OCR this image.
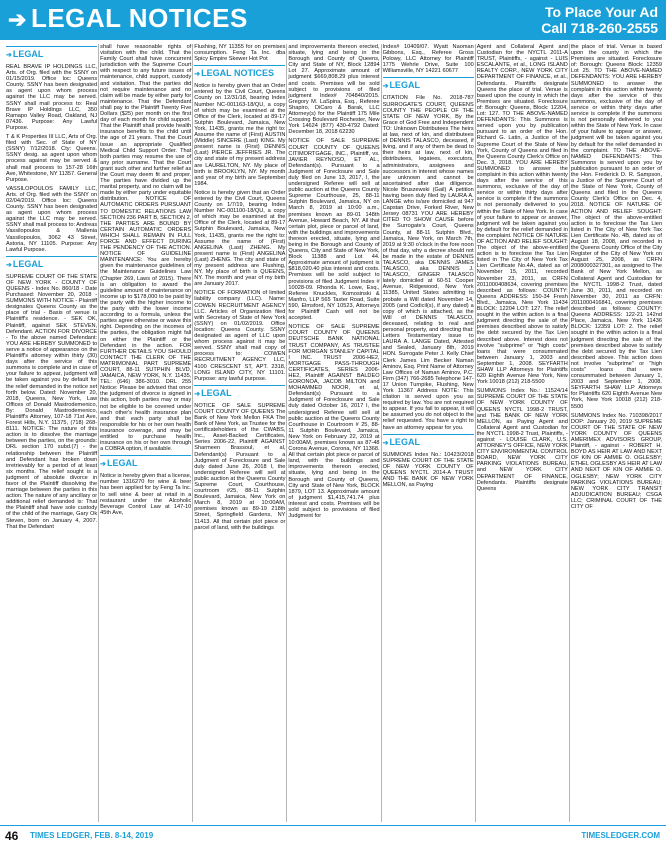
➔ LEGAL NOTICES	To Place Your Ad
Call 718-260-2555
➔LEGAL
REAL BRAVE IP HOLDINGS LLC, Arts. of Org. filed with the SSNY on 01/15/2019. Office loc: Queens County. SSNY has been designated as agent upon whom process against the LLC may be served. SSNY shall mail process to: Real Brave IP Holdings LLC, 350 Ramapo Valley Road, Oakland, NJ 07436. Purpose: Any Lawful Purpose.
T & K Properties III LLC, Arts of Org. filed with Sec. of State of NY (SSNY) 7/12/2018. Cty: Queens. SSNY desig. as agent upon whom process against may be served & shall mail process to 157-28 16th Ave, Whitestone, NY 11357. General Purpose.
VASSILOPOULOS FAMILY LLC, Arts. of Org. filed with the SSNY on 02/04/2019. Office loc: Queens County. SSNY has been designated as agent upon whom process against the LLC may be served. SSNY shall mail process to: Andreas Vassilopoulos & Mallenia Vassilopoulos, 3062 43 Street, Astoria, NY 11105. Purpose: Any Lawful Purpose.
➔LEGAL
SUPREME COURT OF THE STATE OF NEW YORK - COUNTY OF QUEENS - Index No. 860/18 - Date Purchased: November 20, 2018 - SUMMONS WITH NOTICE - Plaintiff designates Queens County as the place of trial - Basis of venue is Plaintiff's residence. - SEK OK, Plaintiff, against SEK STEVEN, Defendant. ACTION FOR DIVORCE - To the above named Defendant: YOU ARE HEREBY SUMMONED to serve a notice of appearance on the Plaintiff's attorney within thirty (30) days after the service of this summons is complete and in case of your failure to appear, judgment will be taken against you by default for the relief demanded in the notice set forth below. Dated: November 20, 2018, Queens, New York, Law Offices of Donald Mastrodemenico, By: Donald Mastrodemenico, Plaintiff's Attorney, 107-18 71st Ave, Forest Hills, N.Y. 11375, (718) 268-8111. NOTICE: The nature of this action is to dissolve the marriage between the parties, on the grounds: DRL section 170 subd.(7) - the relationship between the Plaintiff and Defendant has broken down irretrievably for a period of at least six months. The relief sought is a judgment of absolute divorce in favor of the Plaintiff dissolving the marriage between the parties in this action. The nature of any ancillary or additional relief demanded is: That the Plaintiff shall have sole custody of the child of the marriage, Gary Ok Steven, born on January 4, 2007. That the Defendant
shall have reasonable rights of visitation with the child. That the Family Court shall have concurrent jurisdiction with the Supreme Court with respect to any future issues of maintenance, child support, custody and visitation. That the parties did not require maintenance and no claim will be made by either party for maintenance. That the Defendant shall pay to the Plaintiff Twenty Five Dollars ($25) per month on the first day of each month for child support. That the Plaintiff shall provide health insurance benefits to the child until the age of 21 years. That the Court issue an appropriate Qualified Medical Child Support Order. That both parties may resume the use of any prior surname. That the Court grant such other and further relief as the Court may deem fit and proper. The parties have divided up the marital property, and no claim will be made by either party under equitable distribution. NOTICE OF AUTOMATIC ORDERS PURSUANT TO DOMESTIC RELATIONS LAW SECTION 236 PART B, SECTION 2, THE PARTIES ARE BOUND BY CERTAIN AUTOMATIC ORDERS WHICH SHALL REMAIN IN FULL FORCE AND EFFECT DURING THE PENDENCY OF THE ACTION. NOTICE OF GUIDELINE MAINTENANCE: You are hereby given the maintenance guidelines of the Maintenance Guidelines Law (Chapter 269, Laws of 2015). There is an obligation to award the guideline amount of maintenance on income up to $178,000 to be paid by the party with the higher income to the party with the lower income according to a formula, unless the parties agree otherwise or waive this right. Depending on the incomes of the parties, the obligation might fall on either the Plaintiff or the Defendant in the action. FOR FURTHER DETAILS YOU SHOULD CONTACT THE CLERK OF THE MATRIMONIAL PART SUPREME COURT, 88-11 SUTPHIN BLVD, JAMAICA, NEW YORK, N.Y. 11435, TEL: (646) 386-3010. DRL 255 Notice: Please be advised that once the judgment of divorce is signed in this action, both parties may or may not be eligible to be covered under each other's health insurance plan and that each party shall be responsible for his or her own health insurance coverage, and may be entitled to purchase health insurance on his or her own through a COBRA option, if available.
➔LEGAL
Notice is hereby given that a license, number 1316270 for wine & beer has been applied for by Feng Ta Inc. to sell wine & beer at retail in a restaurant under the Alcoholic Beverage Control Law at 147-10 45th Ave,
Flushing, NY 11355 for on premises consumption. Feng Ta Inc. dba Spicy Empire Skewer Hot Pot
➔LEGAL NOTICES
Notice is hereby given that an Order entered by the Civil Court, Queens County on 12/31/18, bearing Index Number NC-001163-18/QU, a copy of which may be examined at the Office of the Clerk, located at 89-17 Sutphin Boulevard, Jamaica, New York, 11435, grants me the right to: Assume the name of (First) AUSTIN (Middle) SINCERE (Last) KING. My present name is (First) DENNIS (Last) PIERCE JEFFRIES JR. The city and state of my present address are LAURELTON, NY. My place of birth is BROOKLYN, NY. My month and year of my birth are September 1984.
Notice is hereby given that an Order entered by the Civil Court, Queens County on 1/7/19, bearing Index Number NC-001100-18/QU, a copy of which may be examined at the Office of the Clerk, located at 89-17 Sutphin Boulevard, Jamaica, New York, 11435, grants me the right to: Assume the name of (First) ANGELINA (Last) ZHENG. My present name is (First) ANGELINA (Last) ZHENG. The city and state of my present address are Flushing, NY. My place of birth is QUEENS, NY. The month and year of my birth are January 2017.
NOTICE OF FORMATION of limited liability company (LLC). Name: COWEN RECRUITMENT AGENCY LLC. Articles of Organization filed with Secretary of State of New York (SSNY) on 01/02/2019. Office location: Queens County. SSNY designated as agent of LLC upon whom process against it may be served. SSNY shall mail copy of process to: COWEN RECRUITMENT AGENCY LLC, 4100 CRESCENT ST, APT. 2318, LONG ISLAND CITY, NY 11101. Purpose: any lawful purpose.
➔LEGAL
NOTICE OF SALE SUPREME COURT COUNTY OF QUEENS The Bank of New York Mellon FKA The Bank of New York, as Trustee for the certificateholders of the CWABS, Inc., Asset-Backed Certificates, Series 2006-22, Plaintiff AGAINST Sharmeen Brassoul, et al, Defendant(s) Pursuant to a Judgment of Foreclosure and Sale duly dated June 26, 2018 I, the undersigned Referee will sell at public auction at the Queens County Supreme Court, Courthouse, courtroom #25, 88-11 Sutphin Boulevard, Jamaica, New York on March 8, 2019 at 10:00AM, premises known as 89-19 218th Street, Springfield Gardens, NY 11413. All that certain plot piece or parcel of land, with the buildings
and improvements thereon erected, situate, lying and being in the Borough and County of Queens, City and State of NY, Block 12894 Lot 27. Approximate amount of judgment $669,808.29 plus interest and costs. Premises will be sold subject to provisions of filed judgment Index# 704840/2015. Gregory M. LaSpina, Esq., Referee Shapiro, DiCaro & Barak, LLC Attorney(s) for the Plaintiff 175 Mile Crossing Boulevard Rochester, New York 14624 (877) 430-4792 Dated: December 18, 2018 62230
NOTICE OF SALE SUPREME COURT COUNTY OF QUEENS CITIMORTGAGE, INC., Plaintiff, vs. JAVIER REYNOSO, ET AL., Defendant(s). Pursuant to a Judgment of Foreclosure and Sale duly filed on June 13, 2017, I, the undersigned Referee will sell at public auction at the Queens County Supreme Courthouse, 25, 88-11 Sutphin Boulevard, Jamaica, NY on March 8, 2019 at 10:00 a.m., premises known as 89-01 148th Avenue, Howard Beach, NY. All that certain plot, piece or parcel of land, with the buildings and improvements thereon erected, situate, lying and being in the Borough and County of Queens, City and State of New York, Block 11388 and Lot 44. Approximate amount of judgment is $818,020.40 plus interest and costs. Premises will be sold subject to provisions of filed Judgment Index # 10028-09. Rhonda K. Lowe, Esq., Referee Knuckles, Komosinski & Manfro, LLP 565 Taxter Road, Suite 590, Elmsford, NY 10523, Attorneys for Plaintiff Cash will not be accepted.
NOTICE OF SALE SUPREME COURT COUNTY OF QUEENS DEUTSCHE BANK NATIONAL TRUST COMPANY, AS TRUSTEE FOR MORGAN STANLEY CAPITAL I INC. TRUST 2006-HE2, MORTGAGE PASS-THROUGH CERTIFICATES, SERIES 2006-HE2, Plaintiff AGAINST BALDEO GORONOA, JACOB MILTON and MOHAMMED NOOR, et al, Defendant(s) Pursuant to a Judgment of Foreclosure and Sale duly dated October 16, 2017 I, the undersigned Referee will sell at public auction at the Queens County Courthouse in Courtroom # 25, 88-11 Sutphin Boulevard, Jamaica, New York on February 22, 2019 at 10:00AM, premises known as 87-48 Corona Avenue, Corona, NY 11368. All that certain plot piece or parcel of land, with the buildings and improvements thereon erected, situate, lying and being in the Borough and County of Queens, City and State of New York, BLOCK 1879, LOT 13. Approximate amount of judgment $1,415,741.74 plus interest and costs. Premises will be sold subject to provisions of filed Judgment for
Index# 10409/07. Wyatt Naoman Gibbons, Esq., Referee Gross Polowy, LLC Attorney for Plaintiff 1775 Wehrle Drive, Suite 100 Williamsville, NY 14221 60677
➔LEGAL
CITATION File No. 2018-787 SURROGATE'S COURT, QUEENS COUNTY THE PEOPLE OF THE STATE OF NEW YORK, By the Grace of God Free and Independent TO: Unknown Distributees The heirs at law, next of kin, and distributees of DENNIS TALASCO, deceased, if living, and if any of them be dead to their heirs at law, next of kin, distributees, legatees, executors, administrators, assignees and successors in interest whose names are unknown and cannot be ascertained after due diligence. Nicole Bruszewski (Gail) A petition having been duly filed by LAURA A. LANGE who is/are domiciled at 947 Capstan Drive, Forked River, New Jersey 08731 YOU ARE HEREBY CITED TO SHOW CAUSE before the Surrogate's Court, Queens County, at 88-11 Sutphin Blvd., Jamaica, New York, on March 7th, 2019 at 9:30 o'clock in the fore noon of that day, why a decree should not be made in the estate of DENNIS TALASCO, aka DENNIS JAMES TALASCO, aka DENNIS J. TALASCO, GINGER TALASCO lately domiciled at 60-51 Cooper Avenue, Ridgewood, New York 11385, United States admitting to probate a Will dated November 14, 2005 (and Codicil(s), if any dated) a copy of which is attached, as the Will of DENNIS TALASCO, deceased, relating to real and personal property, and directing that: Letters Testamentary issue to LAURA A. LANGE Dated, Attested and Sealed, January 8th, 2019 HON. Surrogate Peter J. Kelly Chief Clerk James Lim Becker Naman Aminov, Esq. Print Name of Attorney Law Offices of Naman Aminov, P.C. Firm (347) 766-2685 Telephone 147-17 Union Turnpike, Flushing, New York 11367 Address NOTE: This citation is served upon you as required by law. You are not required to appear. If you fail to appear, it will be assumed you do not object to the relief requested. You have a right to have an attorney appear for you.
➔LEGAL
SUMMONS Index No.: 10423/2018 SUPREME COURT OF THE STATE OF NEW YORK COUNTY OF QUEENS NYCTL 2014-A TRUST AND THE BANK OF NEW YORK MELLON, as Paying
Agent and Collateral Agent and Custodian for the NYCTL 2011-A TRUST, Plaintiffs, - against - LUIS ESCALANTE, et al., LONG ISLAND REALTY CORP., NEW YORK CITY DEPARTMENT OF FINANCE, et al., Defendants. Plaintiffs designate Queens the place of trial. Venue is based upon the county in which the Premises are situated. Foreclosure of: Borough: Queens, Block: 12204, Lot: 127. TO THE ABOVE-NAMED DEFENDANTS: This Summons is served upon you by publication pursuant to an order of the Hon. Richard G. Latin, a Justice of the Supreme Court of the State of New York, County of Queens and filed in the Queens County Clerk's Office on Dec. 3, 2018. YOU ARE HEREBY SUMMONED to answer the complaint in this action within twenty days after the service of this summons, exclusive of the day of service or within thirty days after service is complete if the summons is not personally delivered to you within the State of New York. In case of your failure to appear or answer, judgment will be taken against you by default for the relief demanded in the complaint. NOTICE OF NATURE OF ACTION AND RELIEF SOUGHT: The object of the above-entitled action is to foreclose the Tax Lien listed in The City of New York Tax Lien Certificate No.4A, dated as of November 15, 2011, recorded November 23, 2011, as CRFN 2011000408634, covering premises described as follows: COUNTY: Queens ADDRESS: 150-34 Fresh Blvd., Jamaica, New York 11434 BLOCK: 12204 LOT: 127. The relief sought in the within action is a final judgment directing the sale of the premises described above to satisfy the debt secured by the Tax Lien described above. Interest does not involve "subprime" or "high costs" loans that were consummated between January 1, 2003 and September 1, 2008. SEYFARTH SHAW LLP Attorneys for Plaintiffs 620 Eighth Avenue New York, New York 10018 (212) 218-5500
SUMMONS Index No.: 11524/14 SUPREME COURT OF THE STATE OF NEW YORK COUNTY OF QUEENS NYCTL 1998-2 TRUST, and THE BANK OF NEW YORK MELLON, as Paying Agent and Collateral Agent and Custodian for the NYCTL 1998-2 Trust, Plaintiffs, - against - LOUISE CLARK, U.S. ATTORNEY'S OFFICE, NEW YORK CITY ENVIRONMENTAL CONTROL BOARD, NEW YORK CITY PARKING VIOLATIONS BUREAU, and NEW YORK CITY DEPARTMENT OF FINANCE, Defendants. Plaintiffs designate Queens
the place of trial. Venue is based upon the county in which the Premises are situated. Foreclosure of: Borough: Queens Block: 12359 Lot 25. TO THE ABOVE-NAMED DEFENDANTS: YOU ARE HEREBY SUMMONED to answer the complaint in this action within twenty days after the service of this summons, exclusive of the day of service or within thirty days after service is complete if the summons is not personally delivered to you within the State of New York. In case of your failure to appear or answer, judgment will be taken against you by default for the relief demanded in the complaint. TO THE ABOVE-NAMED DEFENDANTS: This Summons is served upon you by publication pursuant to an order of the Hon. Frederick D. R. Sampson, a Justice of the Supreme Court of the State of New York, County of Queens and filed in the Queens County Clerk's Office on Dec. 4, 2018. NOTICE OF NATURE OF ACTION AND RELIEF SOUGHT: The object of the above-entitled action is to foreclose the Tax Lien listed in The City of New York Tax Lien Certificate No. 4B, dated as of August 18, 2008, and recorded in the Queens County Office of the City Register of the City of New York on August 25, 2008, as CRFN 2008000327301, as assigned to The Bank of New York Mellon, as Collateral Agent and Custodian for the NYCTL 1998-2 Trust, dated June 30, 2011, and recorded on November 30, 2011 as CRFN: 2011000416841, covering premises described as follows: COUNTY: Queens ADDRESS: 122-21 142nd Place, Jamaica, New York 11436 BLOCK: 12359 LOT: 2. The relief sought in the within action is a final judgment directing the sale of the premises described above to satisfy the debt secured by the Tax Lien described above. This action does not involve "subprime" or "high costs" loans that were consummated between January 1, 2003 and September 1, 2008. SEYFARTH SHAW LLP Attorneys for Plaintiffs 620 Eighth Avenue New York, New York 10018 (212) 218-5500
SUMMONS Index No. 710398/2017 DOP: January 20, 2019 SUPREME COURT OF THE STATE OF NEW YORK COUNTY OF QUEENS AMERIMEX ADVISORS GROUP, Plaintiff, - against - ROBERT H. BOYD AS HEIR AT LAW AND NEXT OF KIN OF AMMIE O. OGLESBY; ETHEL OGLESBY AS HEIR AT LAW AND NEXT OF KIN OF AMMIE O. OGLESBY; NEW YORK CITY PARKING VIOLATIONS BUREAU; NEW YORK CITY TRANSIT ADJUDICATION BUREAU; CSGA LLC; CRIMINAL COURT OF THE CITY OF
46 TIMES LEDGER, FEB. 8-14, 2019	TIMESLEDGER.COM
